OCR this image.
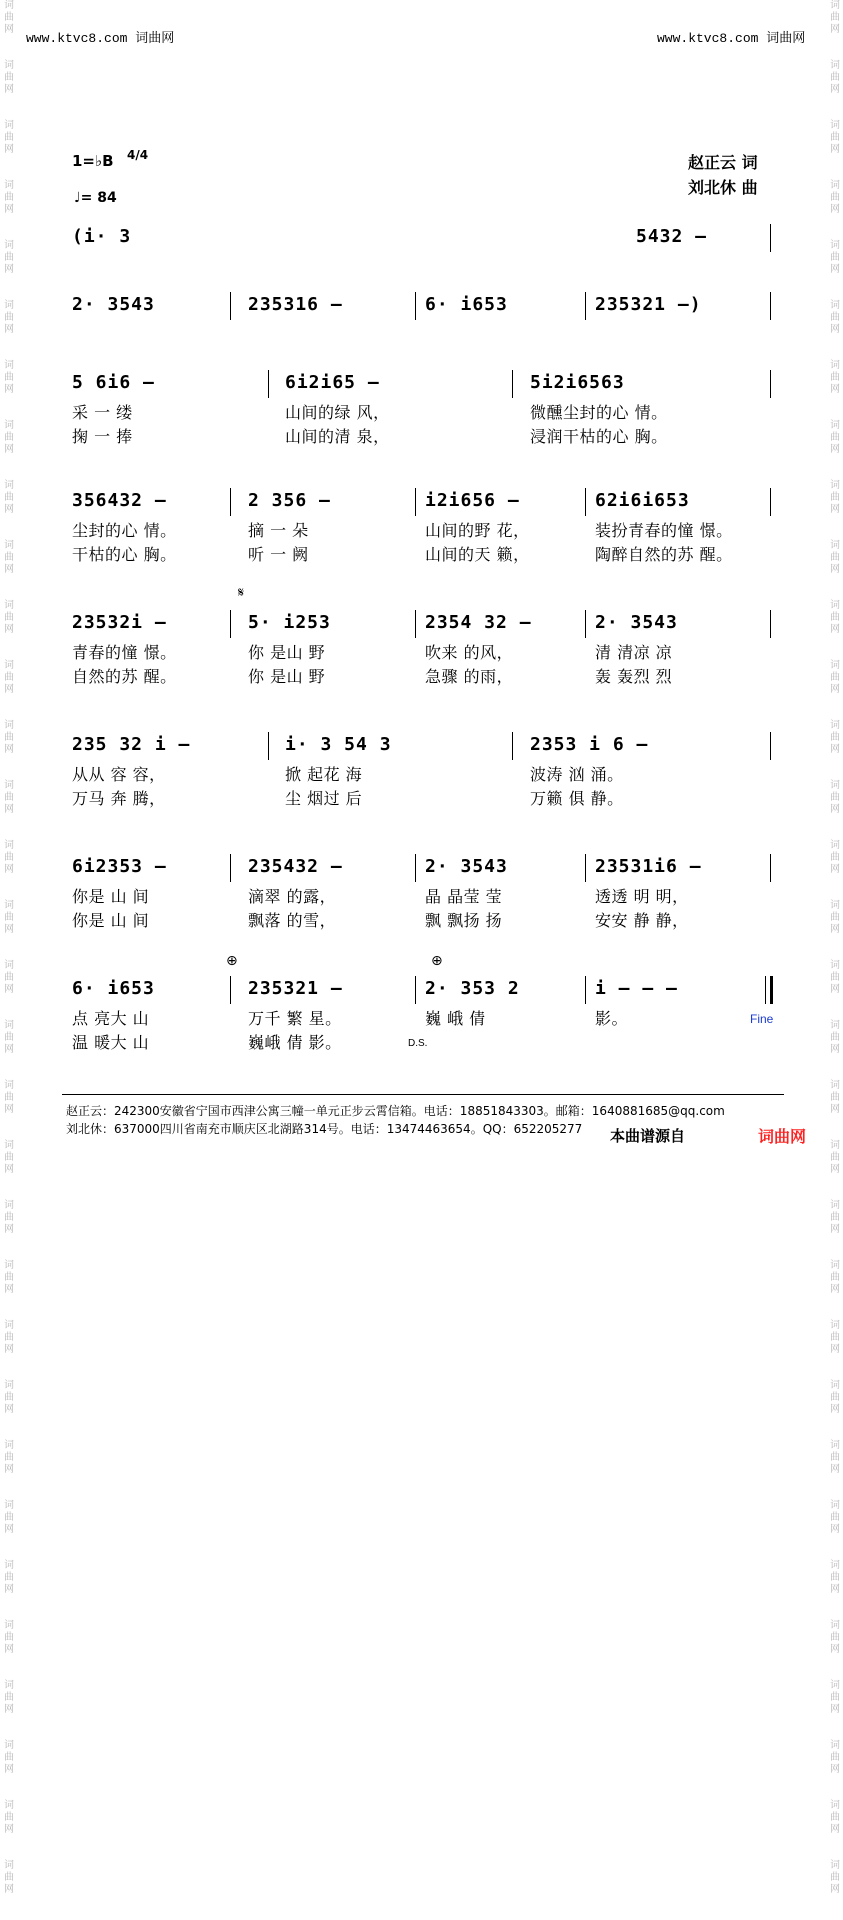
词
曲
网
词
曲
网
词
曲
网
词
曲
网
词
曲
网
词
曲
网
词
曲
网
词
曲
网
词
曲
网
词
曲
网
词
曲
网
词
曲
网
词
曲
网
词
曲
网
词
曲
网
词
曲
网
词
曲
网
词
曲
网
词
曲
网
词
曲
网
词
曲
网
词
曲
网
词
曲
网
词
曲
网
词
曲
网
词
曲
网
词
曲
网
词
曲
网
词
曲
网
词
曲
网
词
曲
网
词
曲
网
词
曲
网
词
曲
网
词
曲
网
词
曲
网
词
曲
网
词
曲
网
词
曲
网
词
曲
网
词
曲
网
词
曲
网
词
曲
网
词
曲
网
词
曲
网
词
曲
网
词
曲
网
词
曲
网
词
曲
网
词
曲
网
词
曲
网
词
曲
网
词
曲
网
词
曲
网
词
曲
网
词
曲
网
词
曲
网
词
曲
网
词
曲
网
词
曲
网
词
曲
网
词
曲
网
词
曲
网
词
曲
网
www.ktvc8.com 词曲网	www.ktvc8.com 词曲网
1=♭B 4/4
♩= 84
赵正云 词
刘北休 曲
(i· 3	5432 –
2· 3543	235316 –	6· i653	235321 –)
5 6i6 –	6i2i65 –	5i2i6563
采 一 缕	山间的绿 风，	微醺尘封的心 情。
掬 一 捧	山间的清 泉，	浸润干枯的心 胸。
356432 –	2 356 –	i2i656 –	62i6i653
尘封的心 情。	摘 一 朵	山间的野 花，	装扮青春的憧 憬。
干枯的心 胸。	听 一 阙	山间的天 籁，	陶醉自然的苏 醒。
23532i –	5· i253	2354 32 –	2· 3543
青春的憧 憬。	你 是山 野	吹来 的风，	清 清凉 凉
自然的苏 醒。	你 是山 野	急骤 的雨，	轰 轰烈 烈
235 32 i –	i· 3 54 3	2353 i 6 –
从从 容 容，	掀 起花 海	波涛 汹 涌。
万马 奔 腾，	尘 烟过 后	万籁 俱 静。
6i2353 –	235432 –	2· 3543	23531i6 –
你是 山 间	滴翠 的露，	晶 晶莹 莹	透透 明 明，
你是 山 间	飘落 的雪，	飘 飘扬 扬	安安 静 静，
6· i653	235321 –	2· 353 2	i – – –
点 亮大 山	万千 繁 星。	巍 峨 倩	影。
温 暖大 山	巍峨 倩 影。
𝄋
⊕	⊕
Fine
D.S.
赵正云：242300安徽省宁国市西津公寓三幢一单元正步云霄信箱。电话：18851843303。邮箱：1640881685@qq.com
刘北休：637000四川省南充市顺庆区北湖路314号。电话：13474463654。QQ：652205277	本曲谱源自	词曲网
